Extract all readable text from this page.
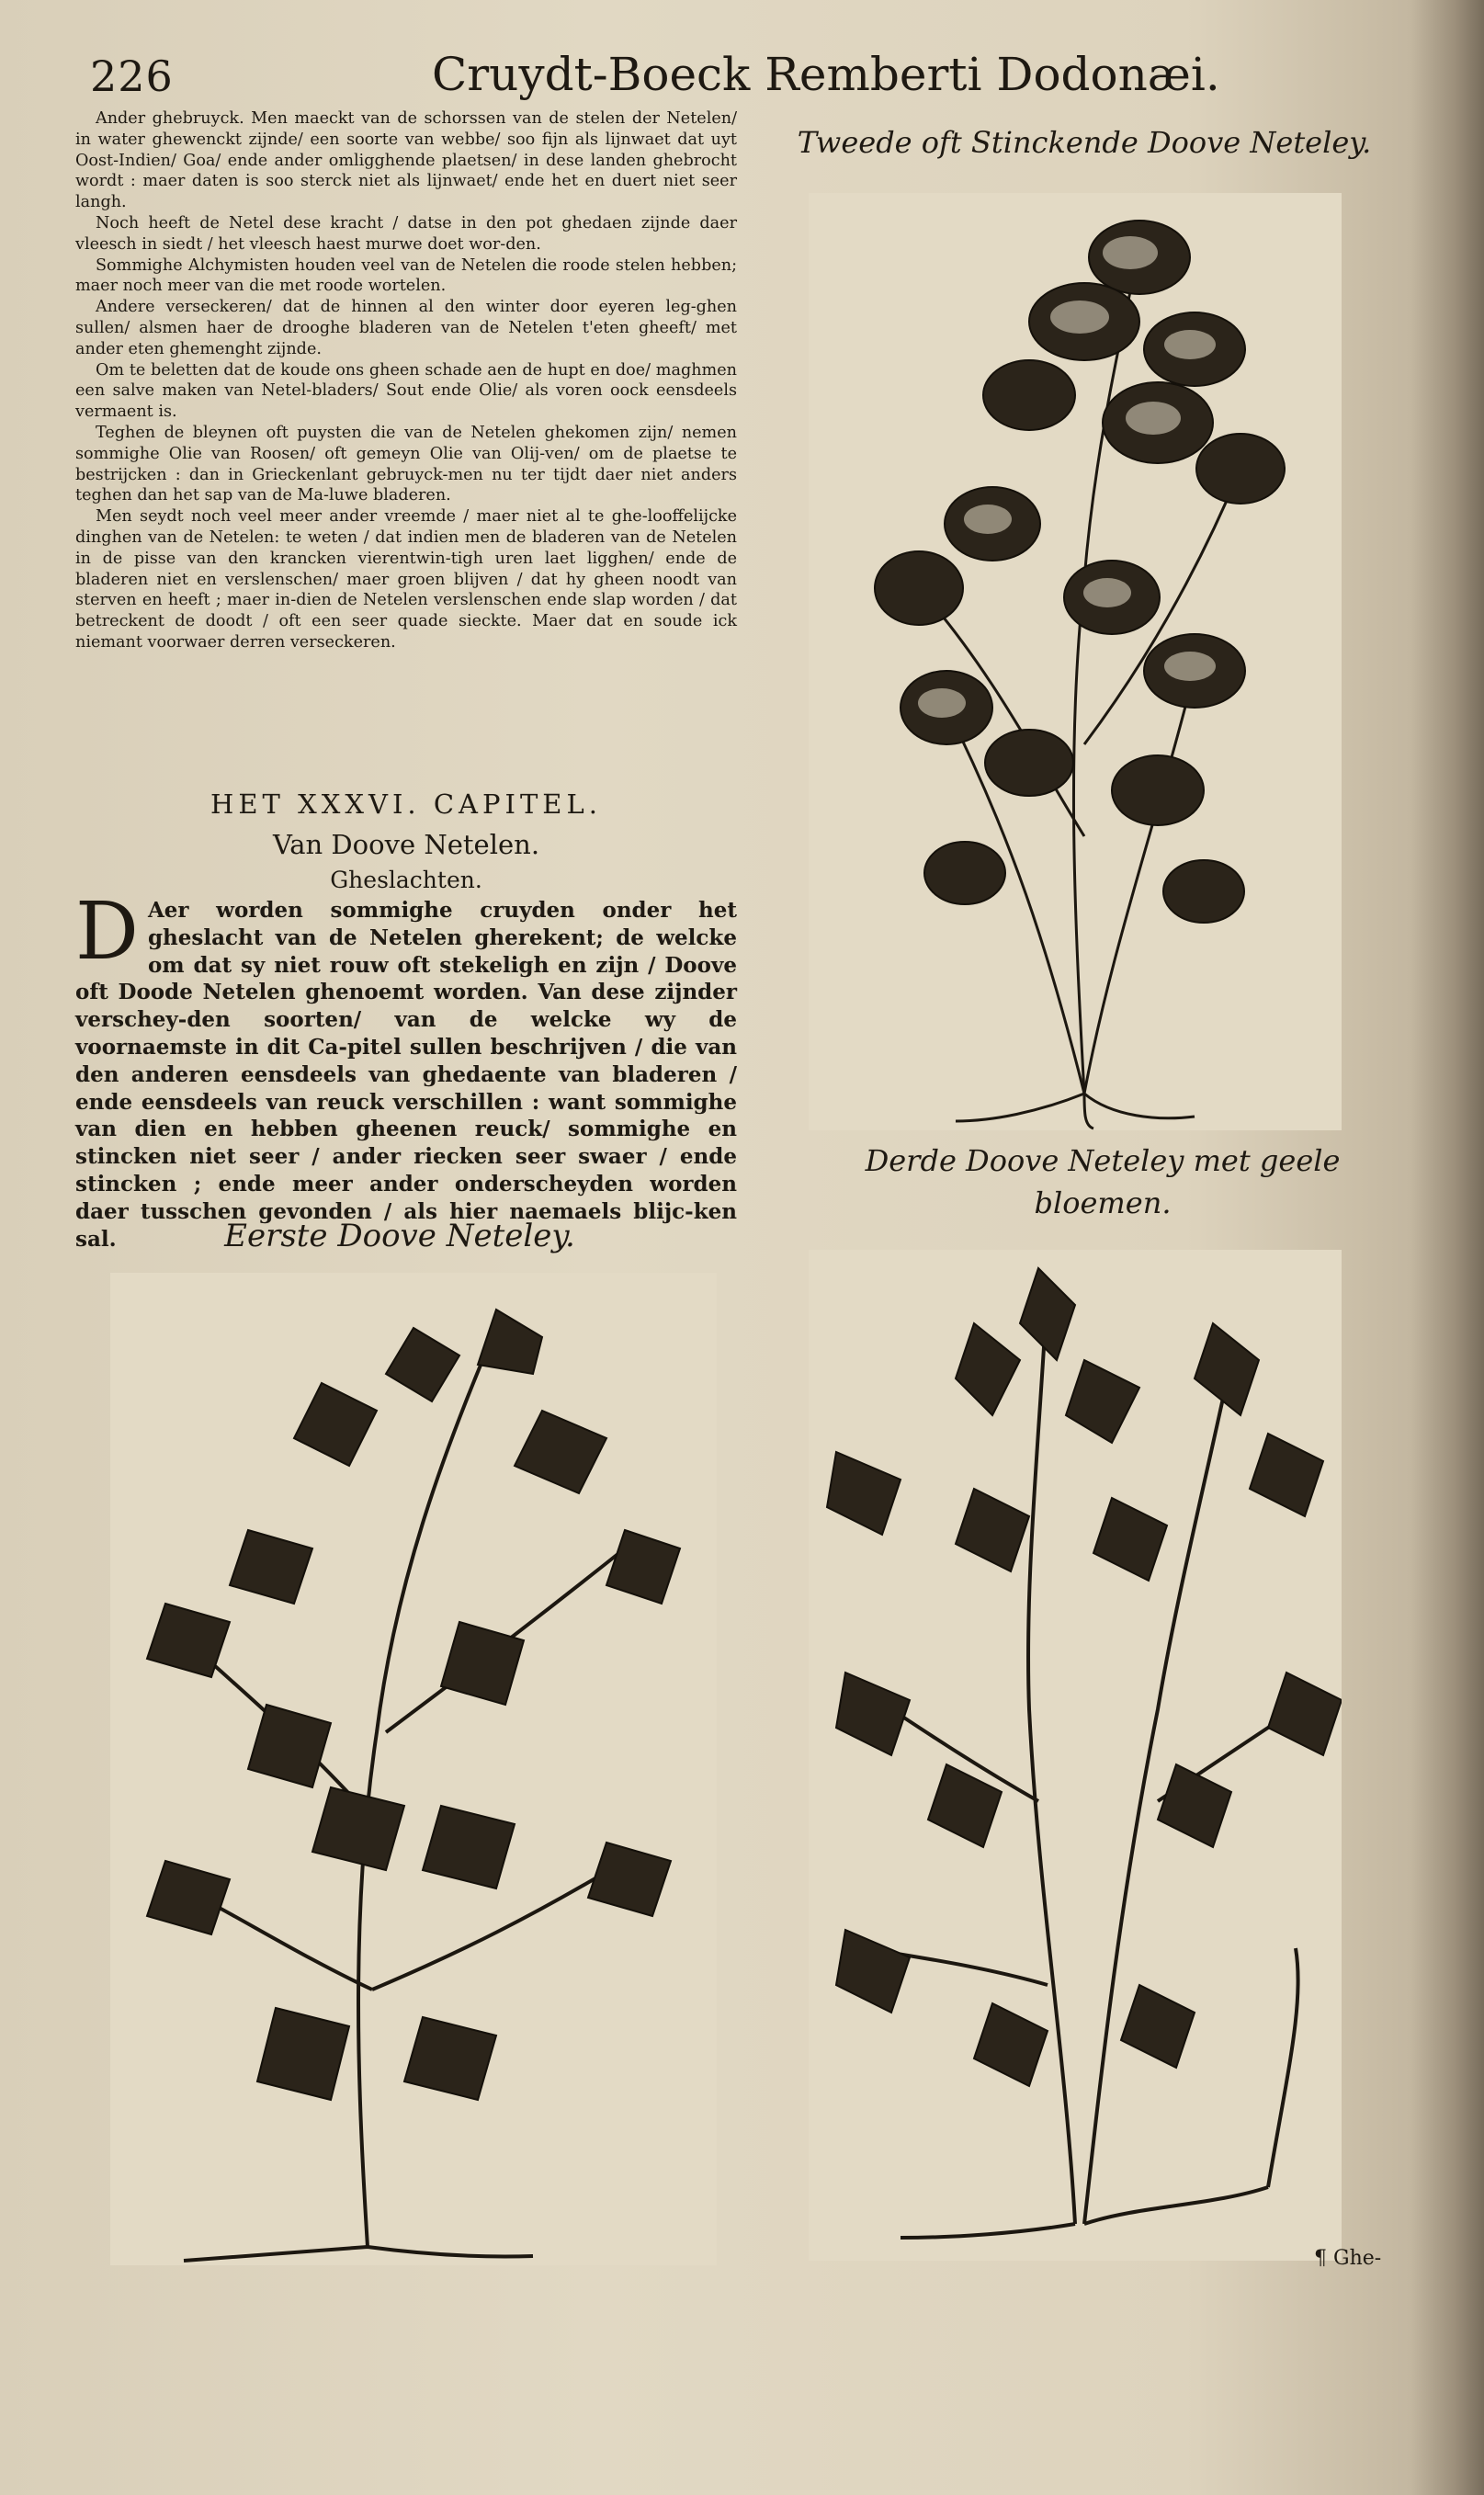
226	Cruydt-Boeck Remberti Dodonæi.

Ander ghebruyck. Men maeckt van de schorssen van de stelen der Netelen/ in water ghewenckt zijnde/ een soorte van webbe/ soo fijn als lijnwaet dat uyt Oost-Indien/ Goa/ ende ander omligghende plaetsen/ in dese landen ghebrocht wordt : maer daten is soo sterck niet als lijnwaet/ ende het en duert niet seer langh.

Noch heeft de Netel dese kracht / datse in den pot ghedaen zijnde daer vleesch in siedt / het vleesch haest murwe doet wor-den.

Sommighe Alchymisten houden veel van de Netelen die roode stelen hebben; maer noch meer van die met roode wortelen.

Andere verseckeren/ dat de hinnen al den winter door eyeren leg-ghen sullen/ alsmen haer de drooghe bladeren van de Netelen t'eten gheeft/ met ander eten ghemenght zijnde.

Om te beletten dat de koude ons gheen schade aen de hupt en doe/ maghmen een salve maken van Netel-bladers/ Sout ende Olie/ als voren oock eensdeels vermaent is.

Teghen de bleynen oft puysten die van de Netelen ghekomen zijn/ nemen sommighe Olie van Roosen/ oft gemeyn Olie van Olij-ven/ om de plaetse te bestrijcken : dan in Grieckenlant gebruyck-men nu ter tijdt daer niet anders teghen dan het sap van de Ma-luwe bladeren.

Men seydt noch veel meer ander vreemde / maer niet al te ghe-looffelijcke dinghen van de Netelen: te weten / dat indien men de bladeren van de Netelen in de pisse van den krancken vierentwin-tigh uren laet ligghen/ ende de bladeren niet en verslenschen/ maer groen blijven / dat hy gheen noodt van sterven en heeft ; maer in-dien de Netelen verslenschen ende slap worden / dat betreckent de doodt / oft een seer quade sieckte. Maer dat en soude ick niemant voorwaer derren verseckeren.

HET XXXVI. CAPITEL.
Van Doove Netelen.
Gheslachten.
D Aer worden sommighe cruyden onder het gheslacht van de Netelen gherekent; de welcke om dat sy niet rouw oft stekeligh en zijn / Doove oft Doode Netelen ghenoemt worden. Van dese zijnder verschey-den soorten/ van de welcke wy de voornaemste in dit Ca-pitel sullen beschrijven / die van den anderen eensdeels van ghedaente van bladeren / ende eensdeels van reuck verschillen : want sommighe van dien en hebben gheenen reuck/ sommighe en stincken niet seer / ander riecken seer swaer / ende stincken ; ende meer ander onderscheyden worden daer tusschen gevonden / als hier naemaels blijc-ken sal.
Tweede oft Stinckende Doove Neteley.
Derde Doove Neteley met geele bloemen.
Eerste Doove Neteley.
¶ Ghe-
